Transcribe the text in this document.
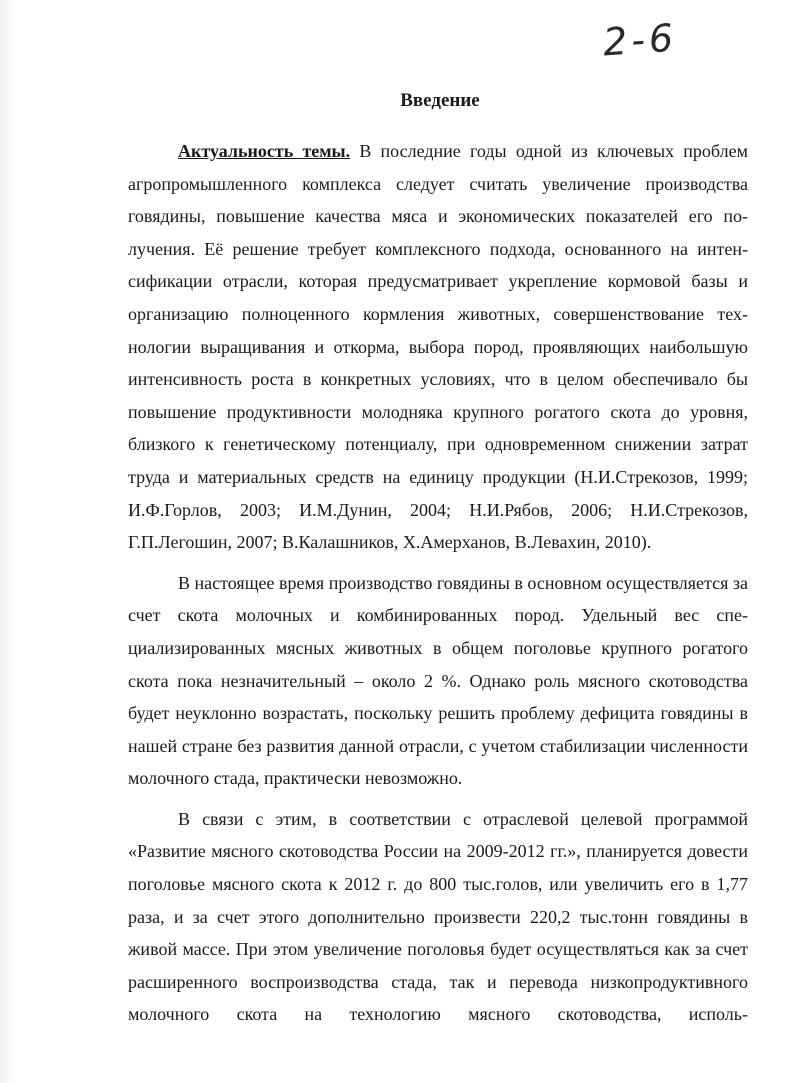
2-6
Введение

Актуальность темы. В последние годы одной из ключевых проблем агропромышленного комплекса следует считать увеличение производства говядины, повышение качества мяса и экономических показателей его получения. Её решение требует комплексного подхода, основанного на интенсификации отрасли, которая предусматривает укрепление кормовой базы и организацию полноценного кормления животных, совершенствование технологии выращивания и откорма, выбора пород, проявляющих наибольшую интенсивность роста в конкретных условиях, что в целом обеспечивало бы повышение продуктивности молодняка крупного рогатого скота до уровня, близкого к генетическому потенциалу, при одновременном снижении затрат труда и материальных средств на единицу продукции (Н.И.Стрекозов, 1999; И.Ф.Горлов, 2003; И.М.Дунин, 2004; Н.И.Рябов, 2006; Н.И.Стрекозов, Г.П.Легошин, 2007; В.Калашников, Х.Амерханов, В.Левахин, 2010).

В настоящее время производство говядины в основном осуществляется за счет скота молочных и комбинированных пород. Удельный вес специализированных мясных животных в общем поголовье крупного рогатого скота пока незначительный – около 2 %. Однако роль мясного скотоводства будет неуклонно возрастать, поскольку решить проблему дефицита говядины в нашей стране без развития данной отрасли, с учетом стабилизации численности молочного стада, практически невозможно.

В связи с этим, в соответствии с отраслевой целевой программой «Развитие мясного скотоводства России на 2009-2012 гг.», планируется довести поголовье мясного скота к 2012 г. до 800 тыс.голов, или увеличить его в 1,77 раза, и за счет этого дополнительно произвести 220,2 тыс.тонн говядины в живой массе. При этом увеличение поголовья будет осуществляться как за счет расширенного воспроизводства стада, так и перевода низкопродуктивного молочного скота на технологию мясного скотоводства, исполь-
